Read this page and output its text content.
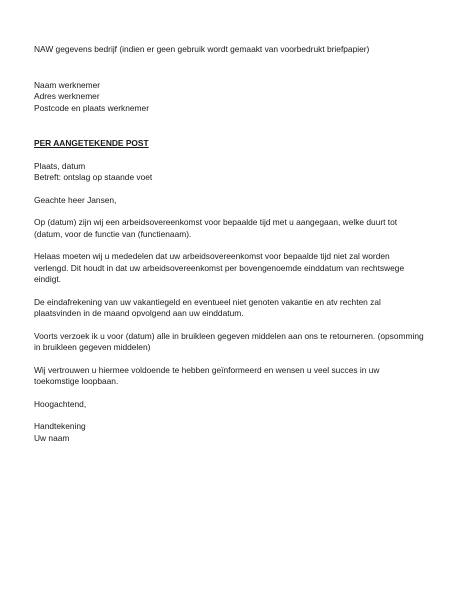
NAW gegevens bedrijf (indien er geen gebruik wordt gemaakt van voorbedrukt briefpapier)
Naam werknemer
Adres werknemer
Postcode en plaats werknemer
PER AANGETEKENDE POST
Plaats, datum
Betreft: ontslag op staande voet

Geachte heer Jansen,

Op (datum) zijn wij een arbeidsovereenkomst voor bepaalde tijd met u aangegaan, welke duurt tot (datum, voor de functie van (functienaam).

Helaas moeten wij u mededelen dat uw arbeidsovereenkomst voor bepaalde tijd niet zal worden verlengd. Dit houdt in dat uw arbeidsovereenkomst per bovengenoemde einddatum van rechtswege eindigt.

De eindafrekening van uw vakantiegeld en eventueel niet genoten vakantie en atv rechten zal plaatsvinden in de maand opvolgend aan uw einddatum.

Voorts verzoek ik u voor (datum) alle in bruikleen gegeven middelen aan ons te retourneren. (opsomming in bruikleen gegeven middelen)

Wij vertrouwen u hiermee voldoende te hebben geïnformeerd en wensen u veel succes in uw toekomstige loopbaan.

Hoogachtend,

Handtekening
Uw naam
